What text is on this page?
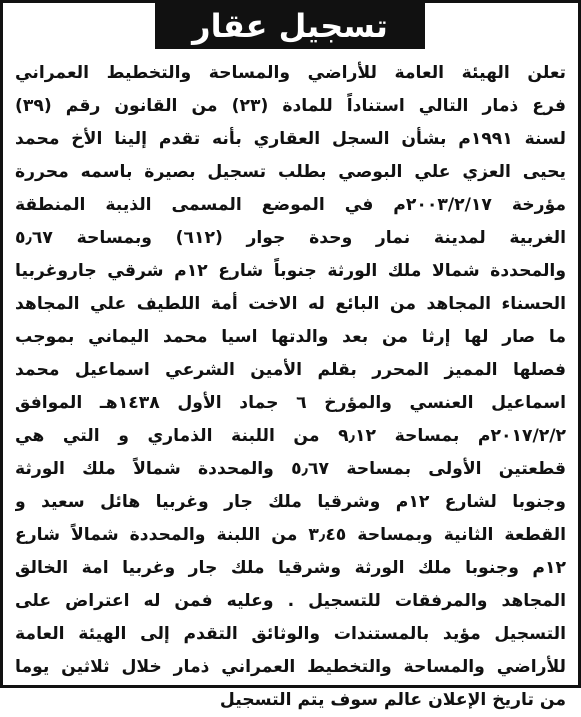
تسجيل عقار
تعلن الهيئة العامة للأراضي والمساحة والتخطيط العمراني
فرع ذمار التالي استناداً للمادة (٢٣) من القانون رقم (٣٩)
لسنة ١٩٩١م بشأن السجل العقاري بأنه تقدم إلينا الأخ محمد
يحيى العزي علي البوصي بطلب تسجيل بصيرة باسمه محررة
مؤرخة ٢٠٠٣/٢/١٧م في الموضع المسمى الذيبة المنطقة
الغربية لمدينة نمار وحدة جوار (٦١٢) وبمساحة ٥٫٦٧
والمحددة شمالا ملك الورثة جنوباً شارع ١٢م شرقي جاروغربيا
الحسناء المجاهد من البائع له الاخت أمة اللطيف علي المجاهد
ما صار لها إرثا من بعد والدتها اسيا محمد اليماني بموجب
فصلها المميز المحرر بقلم الأمين الشرعي اسماعيل محمد
اسماعيل العنسي والمؤرخ ٦ جماد الأول ١٤٣٨هـ الموافق
٢٠١٧/٢/٢م بمساحة ٩٫١٢ من اللبنة الذماري و التي هي
قطعتين الأولى بمساحة ٥٫٦٧ والمحددة شمالاً ملك الورثة
وجنوبا لشارع ١٢م وشرقيا ملك جار وغربيا هائل سعيد و
القطعة الثانية وبمساحة ٣٫٤٥ من اللبنة والمحددة شمالاً شارع
١٢م وجنوبا ملك الورثة وشرقيا ملك جار وغربيا امة الخالق
المجاهد والمرفقات للتسجيل . وعليه فمن له اعتراض على
التسجيل مؤيد بالمستندات والوثائق التقدم إلى الهيئة العامة
للأراضي والمساحة والتخطيط العمراني ذمار خلال ثلاثين يوما
من تاريخ الإعلان عالم سوف يتم التسجيل
